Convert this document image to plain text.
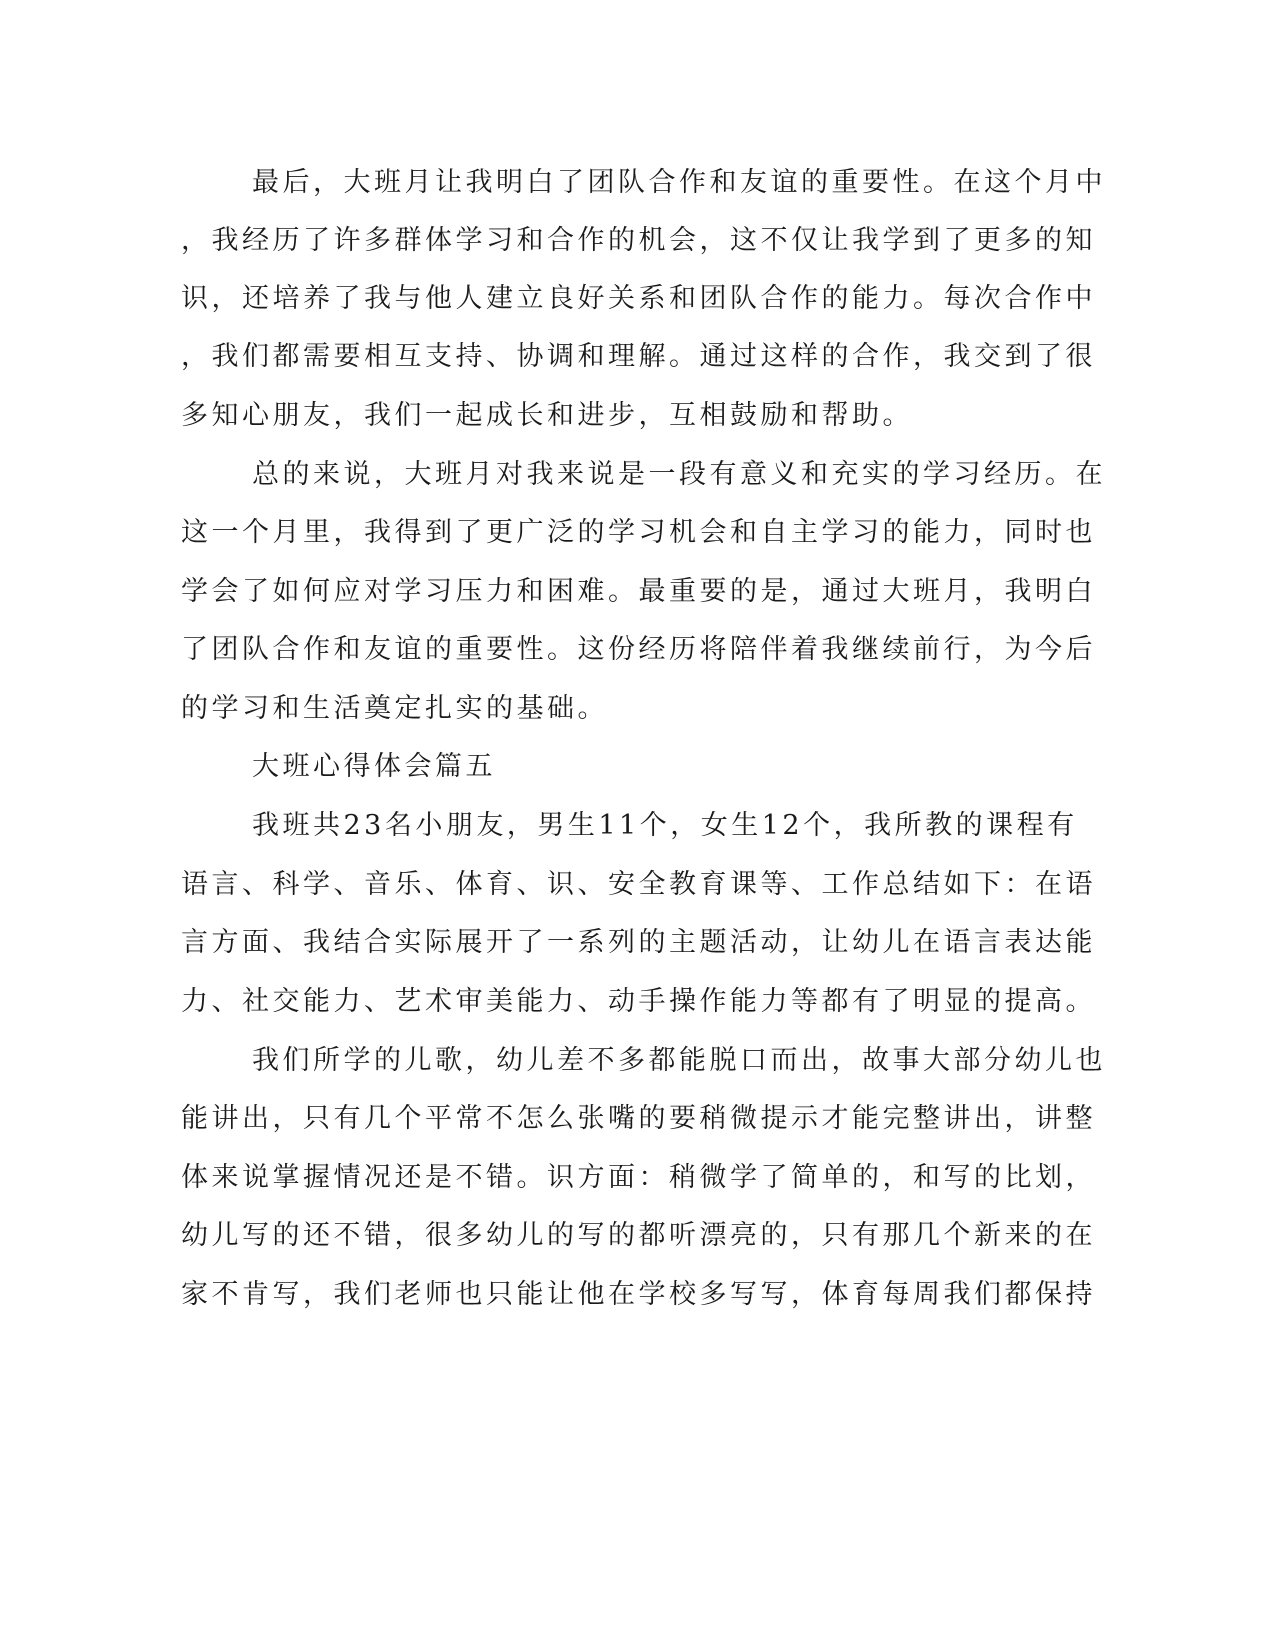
最后，大班月让我明白了团队合作和友谊的重要性。在这个月中
，我经历了许多群体学习和合作的机会，这不仅让我学到了更多的知
识，还培养了我与他人建立良好关系和团队合作的能力。每次合作中
，我们都需要相互支持、协调和理解。通过这样的合作，我交到了很
多知心朋友，我们一起成长和进步，互相鼓励和帮助。
总的来说，大班月对我来说是一段有意义和充实的学习经历。在
这一个月里，我得到了更广泛的学习机会和自主学习的能力，同时也
学会了如何应对学习压力和困难。最重要的是，通过大班月，我明白
了团队合作和友谊的重要性。这份经历将陪伴着我继续前行，为今后
的学习和生活奠定扎实的基础。
大班心得体会篇五
我班共23名小朋友，男生11个，女生12个，我所教的课程有
语言、科学、音乐、体育、识、安全教育课等、工作总结如下：在语
言方面、我结合实际展开了一系列的主题活动，让幼儿在语言表达能
力、社交能力、艺术审美能力、动手操作能力等都有了明显的提高。
我们所学的儿歌，幼儿差不多都能脱口而出，故事大部分幼儿也
能讲出，只有几个平常不怎么张嘴的要稍微提示才能完整讲出，讲整
体来说掌握情况还是不错。识方面：稍微学了简单的，和写的比划，
幼儿写的还不错，很多幼儿的写的都听漂亮的，只有那几个新来的在
家不肯写，我们老师也只能让他在学校多写写，体育每周我们都保持
